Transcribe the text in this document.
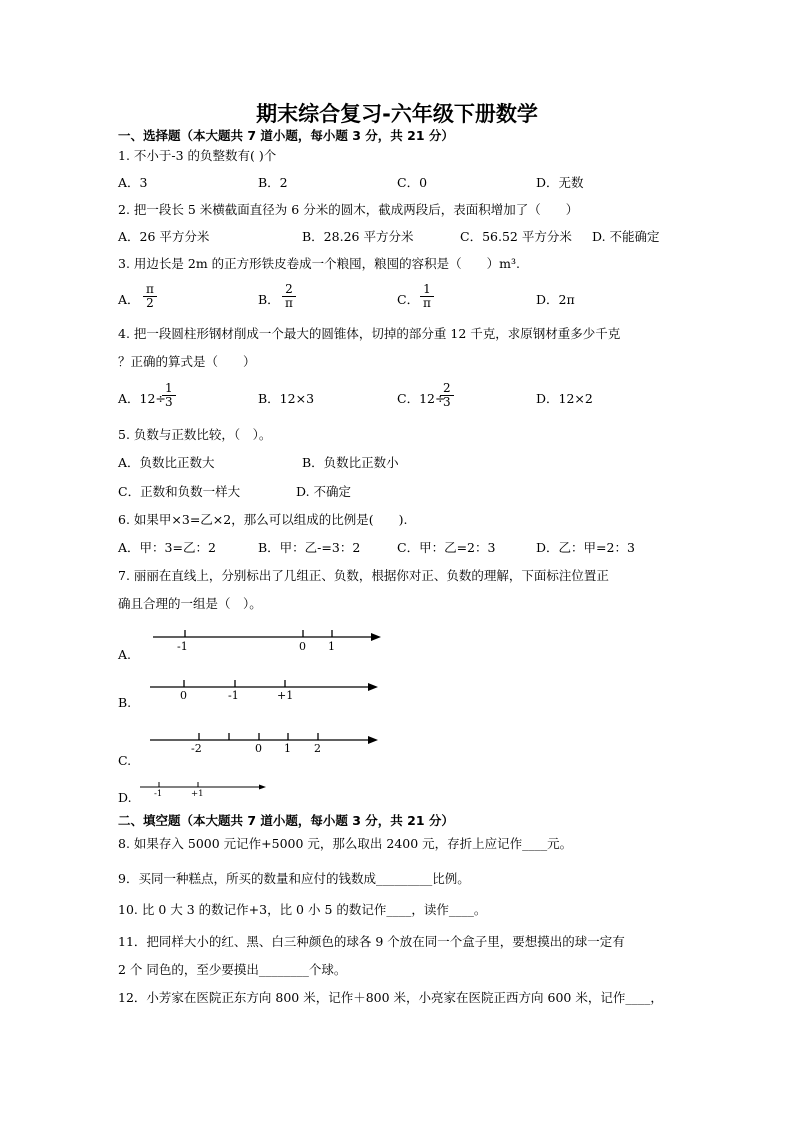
期末综合复习-六年级下册数学
一、选择题（本大题共 7 道小题，每小题 3 分，共 21 分）
1. 不小于-3 的负整数有( )个
A．3	B．2	C．0	D．无数
2. 把一段长 5 米横截面直径为 6 分米的圆木，截成两段后，表面积增加了（　　）
A．26 平方分米	B．28.26 平方分米	C．56.52 平方分米 D. 不能确定
3. 用边长是 2m 的正方形铁皮卷成一个粮囤，粮囤的容积是（　　）m³.
A． $\frac{\pi}{2}$	B． $\frac{2}{\pi}$	C． $\frac{1}{\pi}$	D．2π
4. 把一段圆柱形钢材削成一个最大的圆锥体，切掉的部分重 12 千克，求原钢材重多少千克
？正确的算式是（　　）
A．12÷
$\frac{1}{3}$	B．12×3	C．12÷
$\frac{2}{3}$	D．12×2
5. 负数与正数比较，（　）。
A．负数比正数大	B．负数比正数小
C．正数和负数一样大	D. 不确定
6. 如果甲×3=乙×2，那么可以组成的比例是(　　).
A．甲：3=乙：2	B．甲：乙-=3：2	C．甲：乙=2：3	D．乙：甲=2：3
7. 丽丽在直线上，分别标出了几组正、负数，根据你对正、负数的理解，下面标注位置正
确且合理的一组是（　）。
A.
B.
C.
D.
-1	0 1
0	-1	+1
-2	0 1 2
-1	+1
二、填空题（本大题共 7 道小题，每小题 3 分，共 21 分）
8. 如果存入 5000 元记作+5000 元，那么取出 2400 元，存折上应记作____元。
9．买同一种糕点，所买的数量和应付的钱数成_________比例。
10. 比 0 大 3 的数记作+3，比 0 小 5 的数记作____，读作____。
11．把同样大小的红、黑、白三种颜色的球各 9 个放在同一个盒子里，要想摸出的球一定有
2 个 同色的，至少要摸出________个球。
12．小芳家在医院正东方向 800 米，记作＋800 米，小亮家在医院正西方向 600 米，记作____，
